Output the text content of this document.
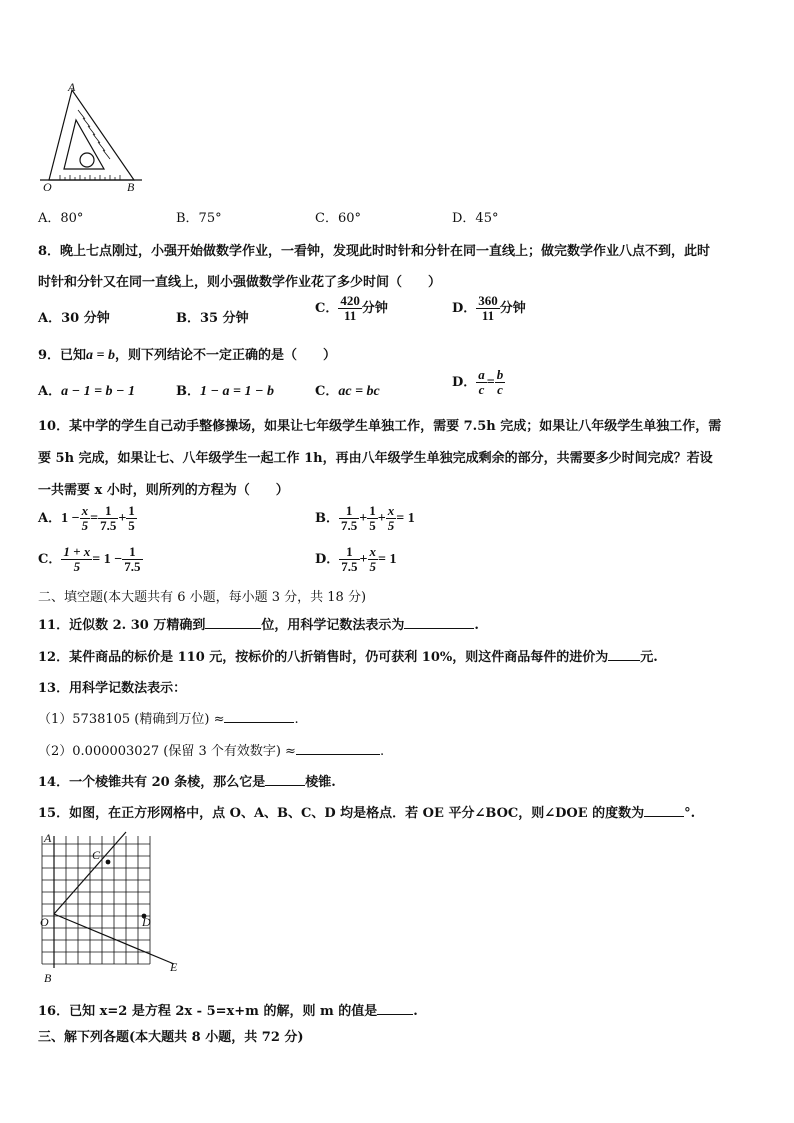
A
O	B
A．80°	B．75°	C．60°	D．45°
8．晚上七点刚过，小强开始做数学作业，一看钟，发现此时时针和分针在同一直线上；做完数学作业八点不到，此时
时针和分针又在同一直线上，则小强做数学作业花了多少时间（　　）
A．30 分钟	B．35 分钟
C． $\frac{420}{11}$ 分钟	D． $\frac{360}{11}$ 分钟
9．已知a = b，则下列结论不一定正确的是（　　）
A．a − 1 = b − 1	B．1 − a = 1 − b	C．ac = bc
D． $\frac{a}{c} = \frac{b}{c}$
10．某中学的学生自己动手整修操场，如果让七年级学生单独工作，需要 7.5h 完成；如果让八年级学生单独工作，需
要 5h 完成，如果让七、八年级学生一起工作 1h，再由八年级学生单独完成剩余的部分，共需要多少时间完成？若设
一共需要 x 小时，则所列的方程为（　　）
A．$1 - \frac{x}{5} = \frac{1}{7.5} + \frac{1}{5}$	B． $\frac{1}{7.5} + \frac{1}{5} + \frac{x}{5} = 1$
C． $\frac{1 + x}{5} = 1 - \frac{1}{7.5}$	D． $\frac{1}{7.5} + \frac{x}{5} = 1$
二、填空题(本大题共有 6 小题，每小题 3 分，共 18 分)
11．近似数 2. 30 万精确到	位，用科学记数法表示为	.
12．某件商品的标价是 110 元，按标价的八折销售时，仍可获利 10%，则这件商品每件的进价为 元.
13．用科学记数法表示：
（1）5738105 (精确到万位) ≈	.
（2）0.000003027 (保留 3 个有效数字) ≈	.
14．一个棱锥共有 20 条棱，那么它是	棱锥.
15．如图，在正方形网格中，点 O、A、B、C、D 均是格点．若 OE 平分∠BOC，则∠DOE 的度数为	°.
A
C
O	D
B
E
16．已知 x=2 是方程 2x - 5=x+m 的解，则 m 的值是	.
三、解下列各题(本大题共 8 小题，共 72 分)
